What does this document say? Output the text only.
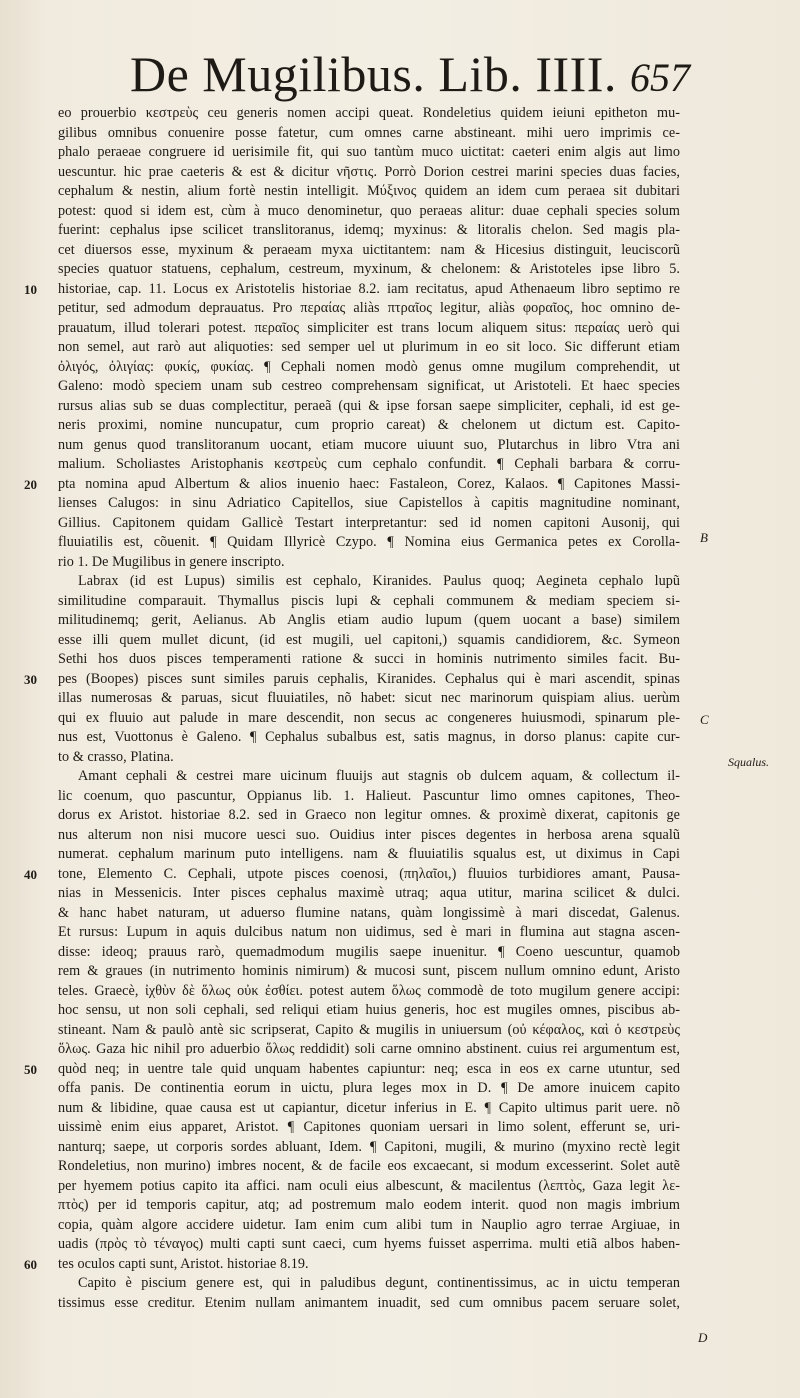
De Mugilibus. Lib. IIII. 657
eo prouerbio κεστρεὺς ceu generis nomen accipi queat. Rondeletius quidem ieiuni epitheton mu-
gilibus omnibus conuenire posse fatetur, cum omnes carne abstineant. mihi uero imprimis ce-
phalo peraeae congruere id uerisimile fit, qui suo tantùm muco uictitat: caeteri enim algis aut limo
uescuntur. hic prae caeteris & est & dicitur νῆστις. Porrò Dorion cestrei marini species duas facies,
cephalum & nestin, alium fortè nestin intelligit. Μύξινος quidem an idem cum peraea sit dubitari
potest: quod si idem est, cùm à muco denominetur, quo peraeas alitur: duae cephali species solum
fuerint: cephalus ipse scilicet translitoranus, idemq; myxinus: & litoralis chelon. Sed magis pla-
cet diuersos esse, myxinum & peraeam myxa uictitantem: nam & Hicesius distinguit, leuciscorũ
species quatuor statuens, cephalum, cestreum, myxinum, & chelonem: & Aristoteles ipse libro 5.
historiae, cap. 11. Locus ex Aristotelis historiae 8.2. iam recitatus, apud Athenaeum libro septimo re
10
petitur, sed admodum deprauatus. Pro περαίας aliàs πτραῖος legitur, aliàs φοραῖος, hoc omnino de-
prauatum, illud tolerari potest. περαῖος simpliciter est trans locum aliquem situs: περαίας uerò qui
non semel, aut rarò aut aliquoties: sed semper uel ut plurimum in eo sit loco. Sic differunt etiam
ὀλιγός, ὀλιγίας: φυκίς, φυκίας. ¶ Cephali nomen modò genus omne mugilum comprehendit, ut
Galeno: modò speciem unam sub cestreo comprehensam significat, ut Aristoteli. Et haec species
rursus alias sub se duas complectitur, peraeã (qui & ipse forsan saepe simpliciter, cephali, id est ge-
neris proximi, nomine nuncupatur, cum proprio careat) & chelonem ut dictum est. Capito-
num genus quod translitoranum uocant, etiam mucore uiuunt suo, Plutarchus in libro Vtra ani
malium. Scholiastes Aristophanis κεστρεὺς cum cephalo confundit. ¶ Cephali barbara & corru-
pta nomina apud Albertum & alios inuenio haec: Fastaleon, Corez, Kalaos. ¶ Capitones Massi-
20
lienses Calugos: in sinu Adriatico Capitellos, siue Capistellos à capitis magnitudine nominant,
Gillius. Capitonem quidam Gallicè Testart interpretantur: sed id nomen capitoni Ausonij, qui
fluuiatilis est, cõuenit. ¶ Quidam Illyricè Czypo. ¶ Nomina eius Germanica petes ex Corolla-
rio 1. De Mugilibus in genere inscripto.
Labrax (id est Lupus) similis est cephalo, Kiranides. Paulus quoq; Aegineta cephalo lupũ
similitudine comparauit. Thymallus piscis lupi & cephali communem & mediam speciem si-
militudinemq; gerit, Aelianus. Ab Anglis etiam audio lupum (quem uocant a base) similem
esse illi quem mullet dicunt, (id est mugili, uel capitoni,) squamis candidiorem, &c. Symeon
Sethi hos duos pisces temperamenti ratione & succi in hominis nutrimento similes facit. Bu-
pes (Boopes) pisces sunt similes paruis cephalis, Kiranides. Cephalus qui è mari ascendit, spinas
30
illas numerosas & paruas, sicut fluuiatiles, nõ habet: sicut nec marinorum quispiam alius. uerùm
qui ex fluuio aut palude in mare descendit, non secus ac congeneres huiusmodi, spinarum ple-
nus est, Vuottonus è Galeno. ¶ Cephalus subalbus est, satis magnus, in dorso planus: capite cur-
to & crasso, Platina.
Amant cephali & cestrei mare uicinum fluuijs aut stagnis ob dulcem aquam, & collectum il-
lic coenum, quo pascuntur, Oppianus lib. 1. Halieut. Pascuntur limo omnes capitones, Theo-
dorus ex Aristot. historiae 8.2. sed in Graeco non legitur omnes. & proximè dixerat, capitonis ge
nus alterum non nisi mucore uesci suo. Ouidius inter pisces degentes in herbosa arena squalũ
numerat. cephalum marinum puto intelligens. nam & fluuiatilis squalus est, ut diximus in Capi
tone, Elemento C. Cephali, utpote pisces coenosi, (πηλαῖοι,) fluuios turbidiores amant, Pausa-
40
nias in Messenicis. Inter pisces cephalus maximè utraq; aqua utitur, marina scilicet & dulci.
& hanc habet naturam, ut aduerso flumine natans, quàm longissimè à mari discedat, Galenus.
Et rursus: Lupum in aquis dulcibus natum non uidimus, sed è mari in flumina aut stagna ascen-
disse: ideoq; prauus rarò, quemadmodum mugilis saepe inuenitur. ¶ Coeno uescuntur, quamob
rem & graues (in nutrimento hominis nimirum) & mucosi sunt, piscem nullum omnino edunt, Aristo
teles. Graecè, ἰχθὺν δὲ ὅλως οὐκ ἐσθίει. potest autem ὅλως commodè de toto mugilum genere accipi:
hoc sensu, ut non soli cephali, sed reliqui etiam huius generis, hoc est mugiles omnes, piscibus ab-
stineant. Nam & paulò antè sic scripserat, Capito & mugilis in uniuersum (οὐ κέφαλος, καὶ ὁ κεστρεὺς
ὅλως. Gaza hic nihil pro aduerbio ὅλως reddidit) soli carne omnino abstinent. cuius rei argumentum est,
quòd neq; in uentre tale quid unquam habentes capiuntur: neq; esca in eos ex carne utuntur, sed
50
offa panis. De continentia eorum in uictu, plura leges mox in D. ¶ De amore inuicem capito
num & libidine, quae causa est ut capiantur, dicetur inferius in E. ¶ Capito ultimus parit uere. nõ
uissimè enim eius apparet, Aristot. ¶ Capitones quoniam uersari in limo solent, efferunt se, uri-
nanturq; saepe, ut corporis sordes abluant, Idem. ¶ Capitoni, mugili, & murino (myxino rectè legit
Rondeletius, non murino) imbres nocent, & de facile eos excaecant, si modum excesserint. Solet autẽ
per hyemem potius capito ita affici. nam oculi eius albescunt, & macilentus (λεπτὸς, Gaza legit λε-
πτὸς) per id temporis capitur, atq; ad postremum malo eodem interit. quod non magis imbrium
copia, quàm algore accidere uidetur. Iam enim cum alibi tum in Nauplio agro terrae Argiuae, in
uadis (πρὸς τὸ τέναγος) multi capti sunt caeci, cum hyems fuisset asperrima. multi etiã albos haben-
tes oculos capti sunt, Aristot. historiae 8.19.
60
Capito è piscium genere est, qui in paludibus degunt, continentissimus, ac in uictu temperan
tissimus esse creditur. Etenim nullam animantem inuadit, sed cum omnibus pacem seruare solet,
B
C
Squalus.
D
